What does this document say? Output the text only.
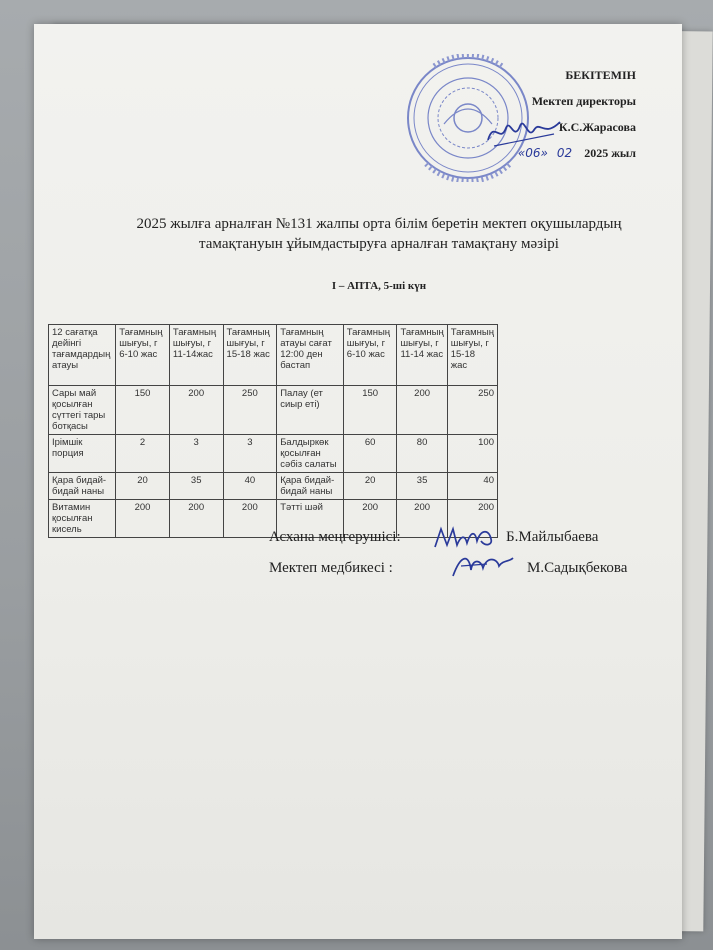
БЕКІТЕМІН
Мектеп директоры
К.С.Жарасова
«06» 02 2025 жыл
2025 жылға арналған №131 жалпы орта білім беретін мектеп оқушылардың
тамақтануын ұйымдастыруға арналған тамақтану мәзірі
I – АПТА, 5-ші күн
12 сағатқа дейінгі тағамдардың атауы	Тағамның шығуы, г 6-10 жас	Тағамның шығуы, г 11-14жас	Тағамның шығуы, г 15-18 жас	Тағамның атауы сағат 12:00 ден бастап	Тағамның шығуы, г 6-10 жас	Тағамның шығуы, г 11-14 жас	Тағамның шығуы, г 15-18 жас
Сары май қосылған сүттегі тары ботқасы	150	200	250	Палау (ет сиыр еті)	150	200	250
Ірімшік порция	2	3	3	Балдыркөк қосылған сәбіз салаты	60	80	100
Қара бидай-бидай наны	20	35	40	Қара бидай-бидай наны	20	35	40
Витамин қосылған кисель	200	200	200	Тәтті шәй	200	200	200
Асхана меңгерушісі:	Б.Майлыбаева
Мектеп медбикесі :	М.Садықбекова
